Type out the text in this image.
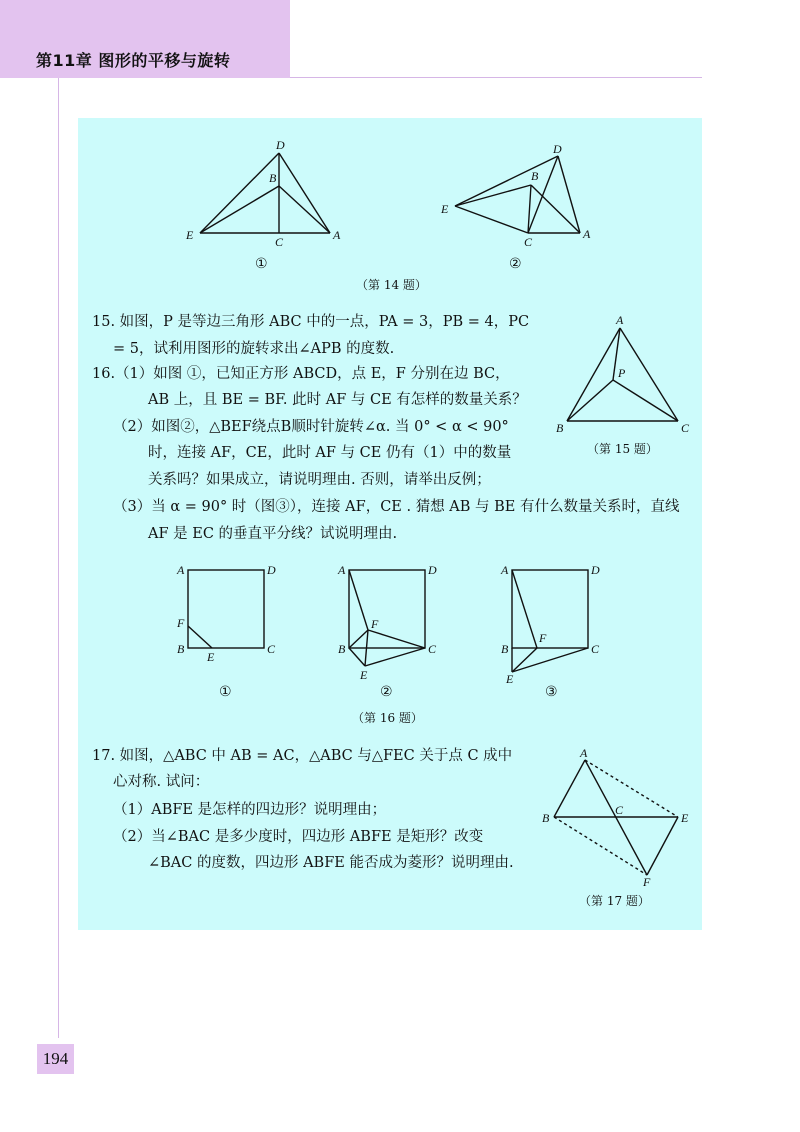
第11章 图形的平移与旋转
D
B
E	C	A
①
D
B
E
C
A
②
（第 14 题）
A
P
B	C
（第 15 题）
A	D
F
B
E
C
①
A	D
F
B
E
C
②
A	D
F
B
E
C
③
（第 16 题）
A
B
C
E
F
（第 17 题）
15. 如图，P 是等边三角形 ABC 中的一点，PA = 3，PB = 4，PC
= 5，试利用图形的旋转求出∠APB 的度数.
16.（1）如图 ①，已知正方形 ABCD，点 E，F 分别在边 BC，
AB 上，且 BE = BF. 此时 AF 与 CE 有怎样的数量关系？
（2）如图②，△BEF绕点B顺时针旋转∠α. 当 0° < α < 90°
时，连接 AF，CE，此时 AF 与 CE 仍有（1）中的数量
关系吗？如果成立，请说明理由. 否则，请举出反例；
（3）当 α = 90° 时（图③），连接 AF，CE . 猜想 AB 与 BE 有什么数量关系时，直线
AF 是 EC 的垂直平分线？试说明理由.
17. 如图，△ABC 中 AB = AC，△ABC 与△FEC 关于点 C 成中
心对称. 试问：
（1）ABFE 是怎样的四边形？说明理由；
（2）当∠BAC 是多少度时，四边形 ABFE 是矩形？改变
∠BAC 的度数，四边形 ABFE 能否成为菱形？说明理由.
194
